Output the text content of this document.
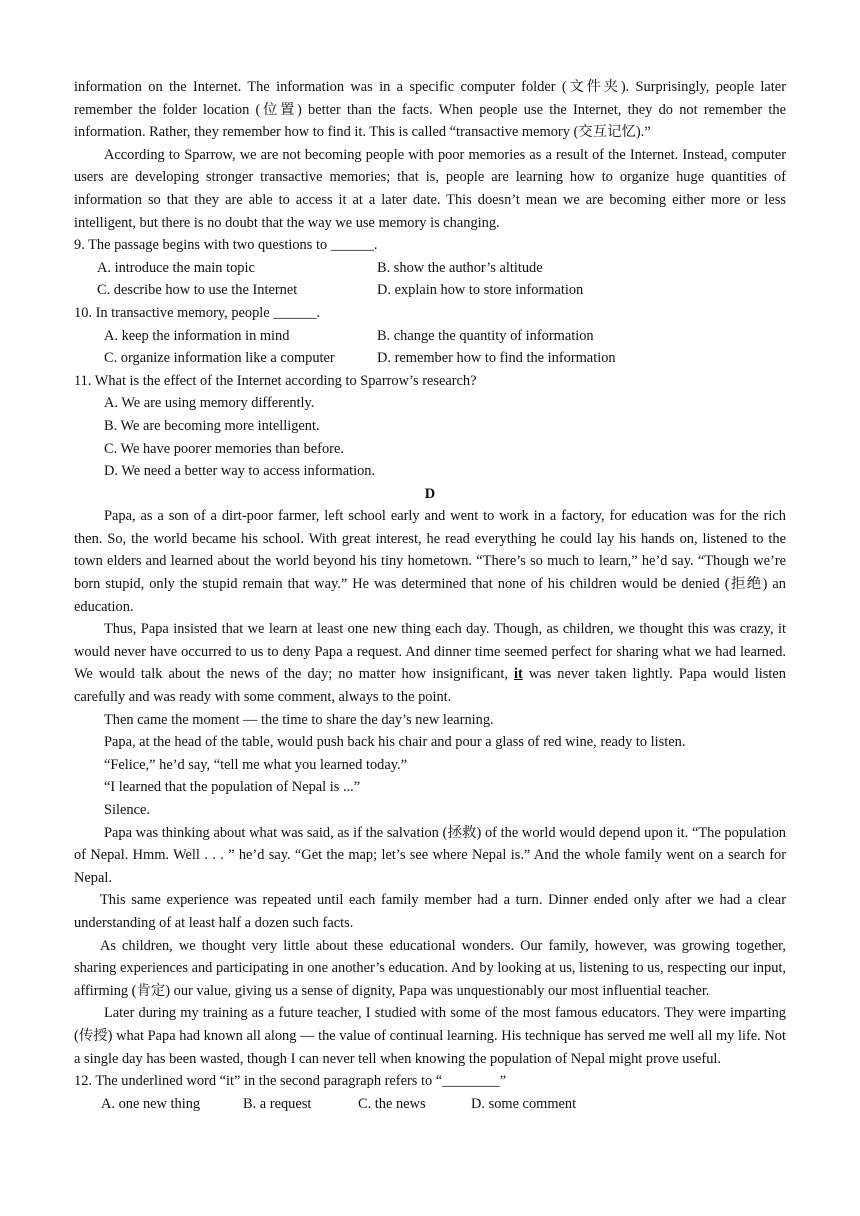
information on the Internet. The information was in a specific computer folder (文件夹). Surprisingly, people later remember the folder location (位置) better than the facts. When people use the Internet, they do not remember the information. Rather, they remember how to find it. This is called “transactive memory (交互记忆).”

According to Sparrow, we are not becoming people with poor memories as a result of the Internet. Instead, computer users are developing stronger transactive memories; that is, people are learning how to organize huge quantities of information so that they are able to access it at a later date. This doesn’t mean we are becoming either more or less intelligent, but there is no doubt that the way we use memory is changing.

9. The passage begins with two questions to ______.

A. introduce the main topic	B. show the author’s altitude
C. describe how to use the Internet	D. explain how to store information

10. In transactive memory, people ______.

A. keep the information in mind	B. change the quantity of information
C. organize information like a computer	D. remember how to find the information

11. What is the effect of the Internet according to Sparrow’s research?

A. We are using memory differently.

B. We are becoming more intelligent.

C. We have poorer memories than before.

D. We need a better way to access information.

D

Papa, as a son of a dirt-poor farmer, left school early and went to work in a factory, for education was for the rich then. So, the world became his school. With great interest, he read everything he could lay his hands on, listened to the town elders and learned about the world beyond his tiny hometown. “There’s so much to learn,” he’d say. “Though we’re born stupid, only the stupid remain that way.” He was determined that none of his children would be denied (拒绝) an education.

Thus, Papa insisted that we learn at least one new thing each day. Though, as children, we thought this was crazy, it would never have occurred to us to deny Papa a request. And dinner time seemed perfect for sharing what we had learned. We would talk about the news of the day; no matter how insignificant, it was never taken lightly. Papa would listen carefully and was ready with some comment, always to the point.

Then came the moment — the time to share the day’s new learning.

Papa, at the head of the table, would push back his chair and pour a glass of red wine, ready to listen.

“Felice,” he’d say, “tell me what you learned today.”

“I learned that the population of Nepal is ...”

Silence.

Papa was thinking about what was said, as if the salvation (拯救) of the world would depend upon it. “The population of Nepal. Hmm. Well . . . ” he’d say. “Get the map; let’s see where Nepal is.” And the whole family went on a search for Nepal.

This same experience was repeated until each family member had a turn. Dinner ended only after we had a clear understanding of at least half a dozen such facts.

As children, we thought very little about these educational wonders. Our family, however, was growing together, sharing experiences and participating in one another’s education. And by looking at us, listening to us, respecting our input, affirming (肯定) our value, giving us a sense of dignity, Papa was unquestionably our most influential teacher.

Later during my training as a future teacher, I studied with some of the most famous educators. They were imparting (传授) what Papa had known all along — the value of continual learning. His technique has served me well all my life. Not a single day has been wasted, though I can never tell when knowing the population of Nepal might prove useful.

12. The underlined word “it” in the second paragraph refers to “________”

A. one new thing	B. a request	C. the news	D. some comment
